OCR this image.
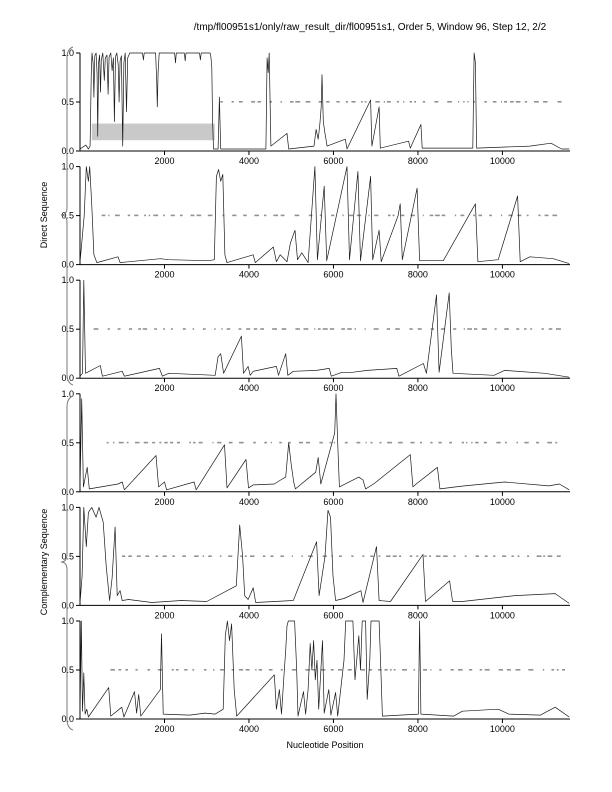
/tmp/fl00951s1/only/raw_result_dir/fl00951s1, Order 5, Window 96, Step 12, 2/2
0.0
0.5
1.0
2000	4000	6000	8000	10000
0.0
0.5
1.0
2000	4000	6000	8000	10000
0.0
0.5
1.0
2000	4000	6000	8000	10000
0.0
0.5
1.0
2000	4000	6000	8000	10000
0.0
0.5
1.0
2000	4000	6000	8000	10000
0.0
0.5
1.0
2000	4000	6000	8000	10000
Direct Sequence
Complementary Sequence
Nucleotide Position
